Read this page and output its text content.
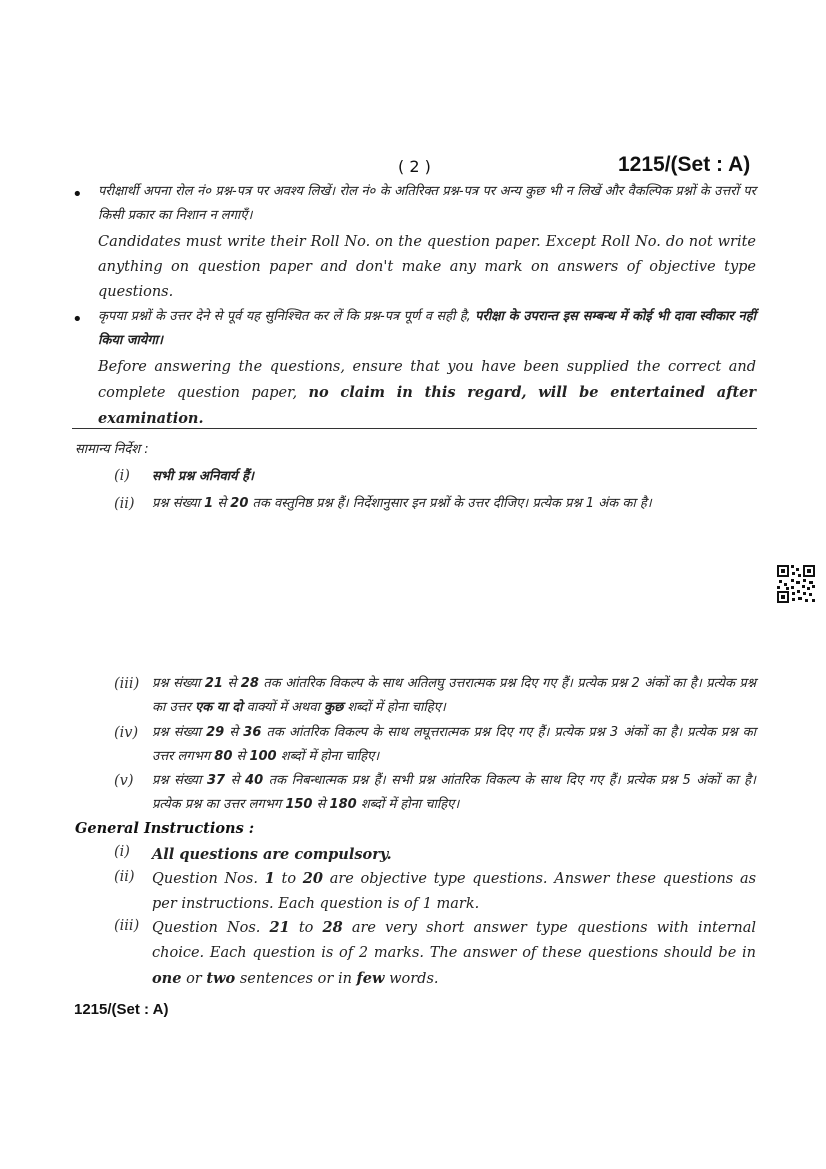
( 2 )	1215/(Set : A)
• परीक्षार्थी अपना रोल नं० प्रश्न-पत्र पर अवश्य लिखें। रोल नं० के अतिरिक्त प्रश्न-पत्र पर अन्य कुछ भी न लिखें और वैकल्पिक प्रश्नों के उत्तरों पर किसी प्रकार का निशान न लगाएँ।
Candidates must write their Roll No. on the question paper. Except Roll No. do not write anything on question paper and don't make any mark on answers of objective type questions.
• कृपया प्रश्नों के उत्तर देने से पूर्व यह सुनिश्चित कर लें कि प्रश्न-पत्र पूर्ण व सही है, परीक्षा के उपरान्त इस सम्बन्ध में कोई भी दावा स्वीकार नहीं किया जायेगा।
Before answering the questions, ensure that you have been supplied the correct and complete question paper, no claim in this regard, will be entertained after examination.
सामान्य निर्देश :
(i) सभी प्रश्न अनिवार्य हैं।
(ii) प्रश्न संख्या 1 से 20 तक वस्तुनिष्ठ प्रश्न हैं। निर्देशानुसार इन प्रश्नों के उत्तर दीजिए। प्रत्येक प्रश्न 1 अंक का है।
(iii) प्रश्न संख्या 21 से 28 तक आंतरिक विकल्प के साथ अतिलघु उत्तरात्मक प्रश्न दिए गए हैं। प्रत्येक प्रश्न 2 अंकों का है। प्रत्येक प्रश्न का उत्तर एक या दो वाक्यों में अथवा कुछ शब्दों में होना चाहिए।
(iv) प्रश्न संख्या 29 से 36 तक आंतरिक विकल्प के साथ लघूत्तरात्मक प्रश्न दिए गए हैं। प्रत्येक प्रश्न 3 अंकों का है। प्रत्येक प्रश्न का उत्तर लगभग 80 से 100 शब्दों में होना चाहिए।
(v) प्रश्न संख्या 37 से 40 तक निबन्धात्मक प्रश्न हैं। सभी प्रश्न आंतरिक विकल्प के साथ दिए गए हैं। प्रत्येक प्रश्न 5 अंकों का है। प्रत्येक प्रश्न का उत्तर लगभग 150 से 180 शब्दों में होना चाहिए।
General Instructions :
(i) All questions are compulsory.
(ii) Question Nos. 1 to 20 are objective type questions. Answer these questions as per instructions. Each question is of 1 mark.
(iii) Question Nos. 21 to 28 are very short answer type questions with internal choice. Each question is of 2 marks. The answer of these questions should be in one or two sentences or in few words.
1215/(Set : A)
